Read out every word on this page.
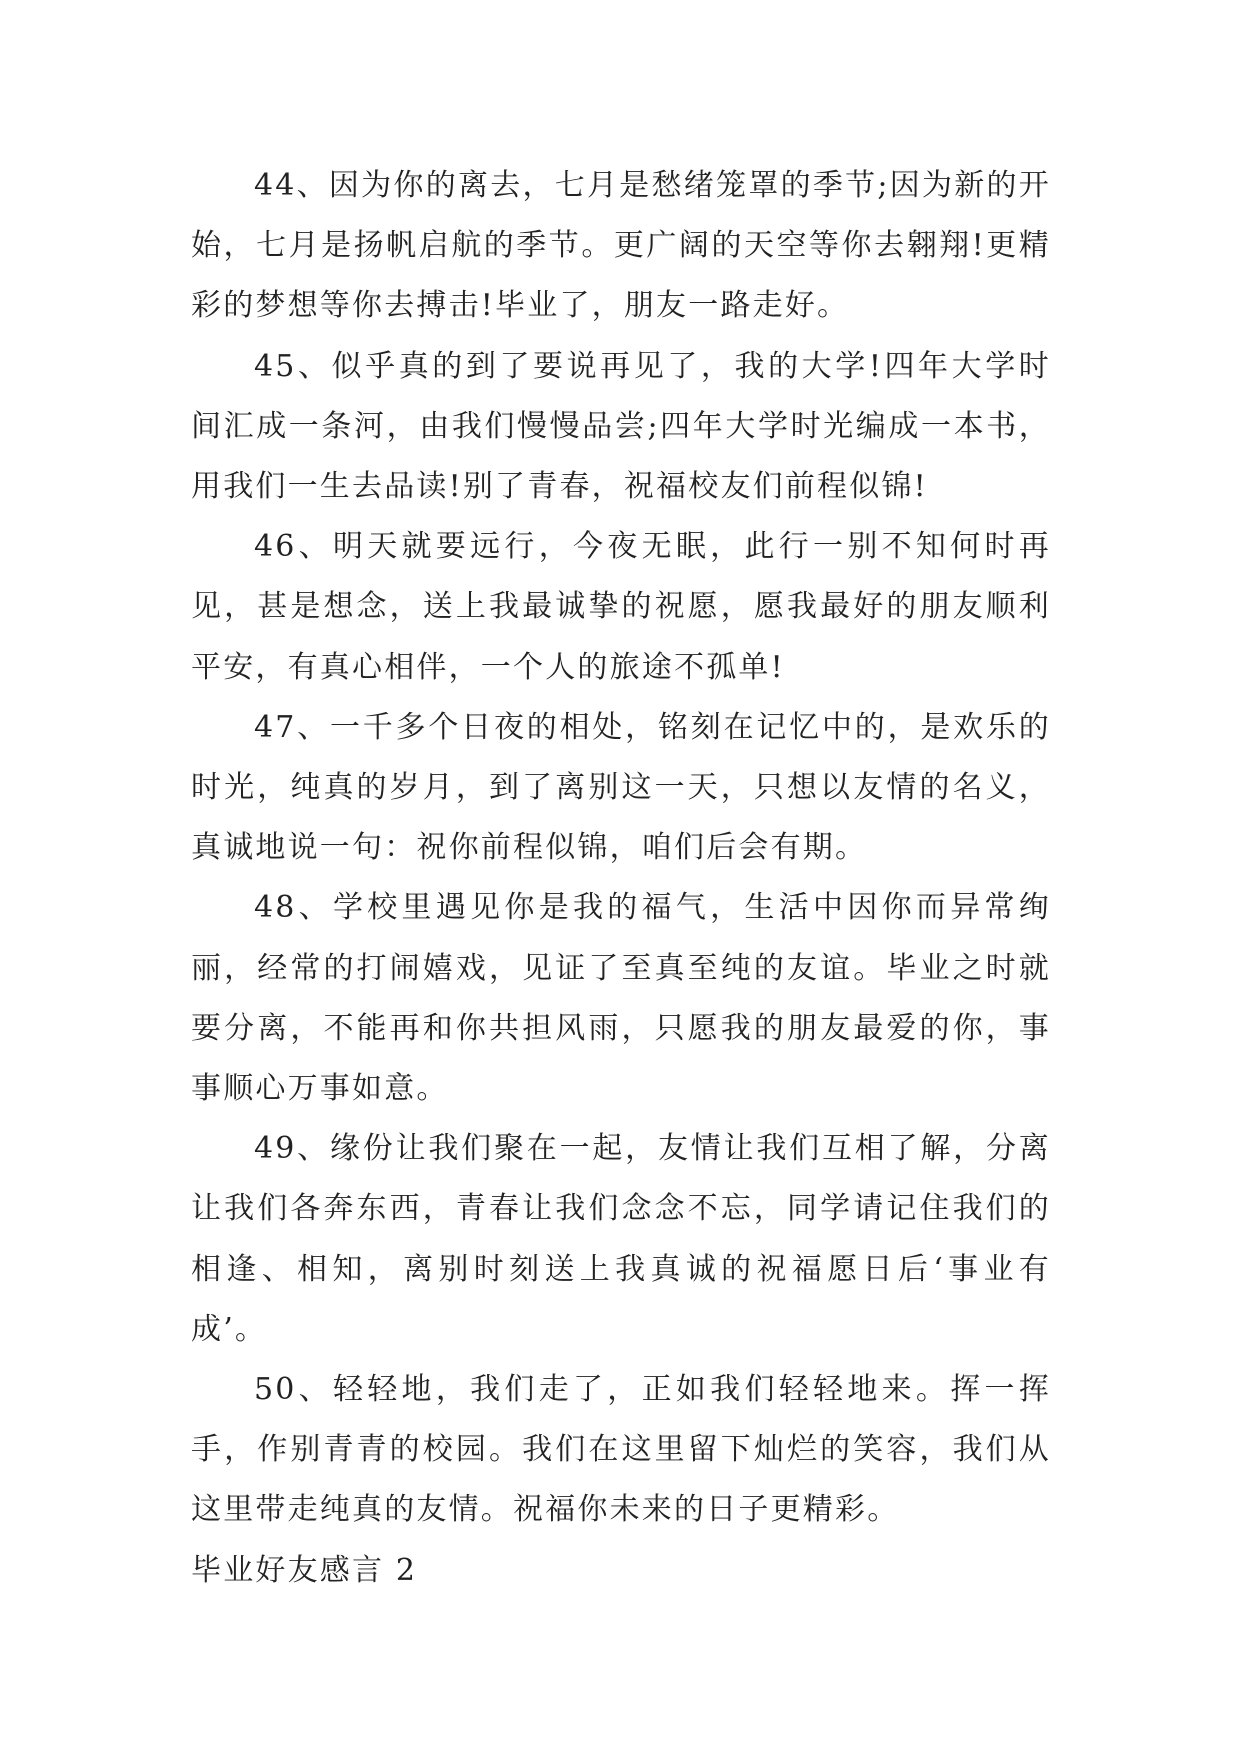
44、因为你的离去，七月是愁绪笼罩的季节;因为新的开始，七月是扬帆启航的季节。更广阔的天空等你去翱翔!更精彩的梦想等你去搏击!毕业了，朋友一路走好。

45、似乎真的到了要说再见了，我的大学!四年大学时间汇成一条河，由我们慢慢品尝;四年大学时光编成一本书，用我们一生去品读!别了青春，祝福校友们前程似锦!

46、明天就要远行，今夜无眠，此行一别不知何时再见，甚是想念，送上我最诚挚的祝愿，愿我最好的朋友顺利平安，有真心相伴，一个人的旅途不孤单!

47、一千多个日夜的相处，铭刻在记忆中的，是欢乐的时光，纯真的岁月，到了离别这一天，只想以友情的名义，真诚地说一句：祝你前程似锦，咱们后会有期。

48、学校里遇见你是我的福气，生活中因你而异常绚丽，经常的打闹嬉戏，见证了至真至纯的友谊。毕业之时就要分离，不能再和你共担风雨，只愿我的朋友最爱的你，事事顺心万事如意。

49、缘份让我们聚在一起，友情让我们互相了解，分离让我们各奔东西，青春让我们念念不忘，同学请记住我们的相逢、相知，离别时刻送上我真诚的祝福愿日后‘事业有成’。

50、轻轻地，我们走了，正如我们轻轻地来。挥一挥手，作别青青的校园。我们在这里留下灿烂的笑容，我们从这里带走纯真的友情。祝福你未来的日子更精彩。

毕业好友感言 2
